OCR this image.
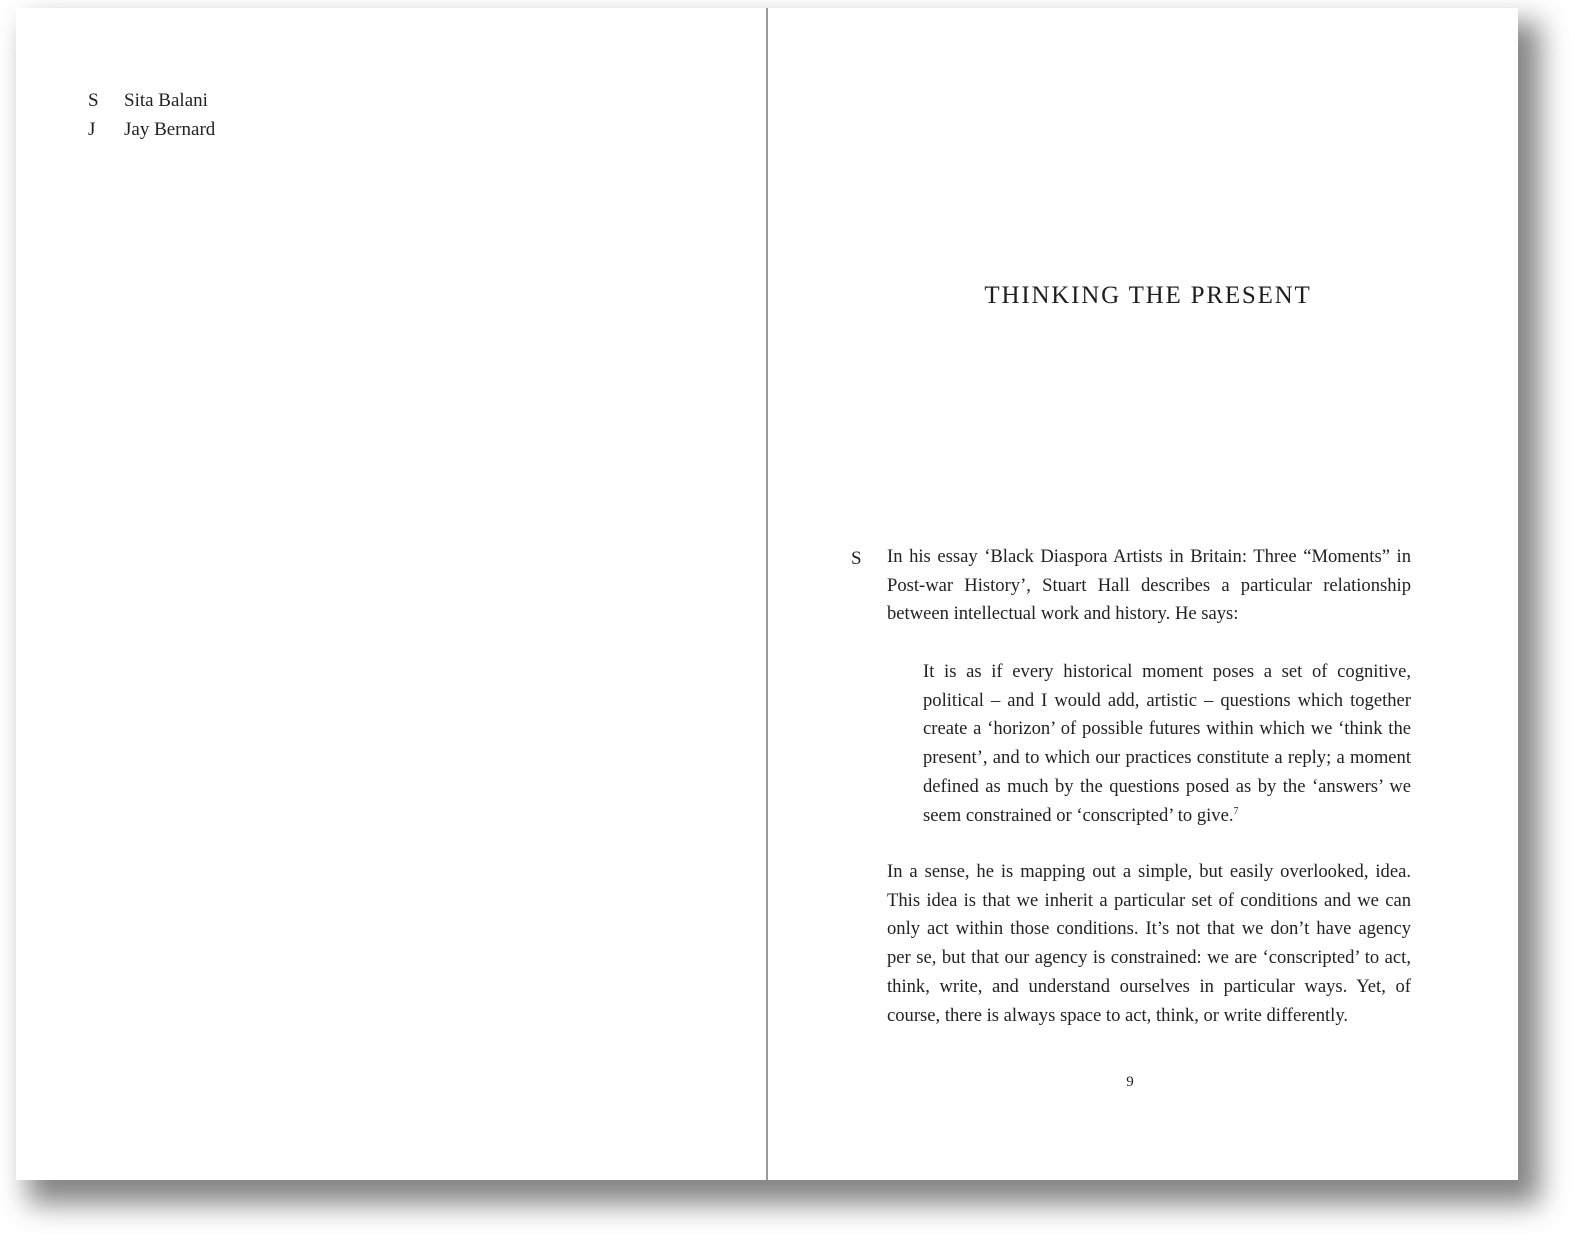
S	Sita Balani
J	Jay Bernard
THINKING THE PRESENT
S In his essay ‘Black Diaspora Artists in Britain: Three “Moments” in Post-war History’, Stuart Hall describes a particular relationship between intellectual work and history. He says:

It is as if every historical moment poses a set of cognitive, political – and I would add, artistic – questions which together create a ‘horizon’ of possible futures within which we ‘think the present’, and to which our practices constitute a reply; a moment defined as much by the questions posed as by the ‘answers’ we seem constrained or ‘conscripted’ to give.$^7$

In a sense, he is mapping out a simple, but easily overlooked, idea. This idea is that we inherit a particular set of conditions and we can only act within those conditions. It’s not that we don’t have agency per se, but that our agency is constrained: we are ‘conscripted’ to act, think, write, and understand ourselves in particular ways. Yet, of course, there is always space to act, think, or write differently.

9
